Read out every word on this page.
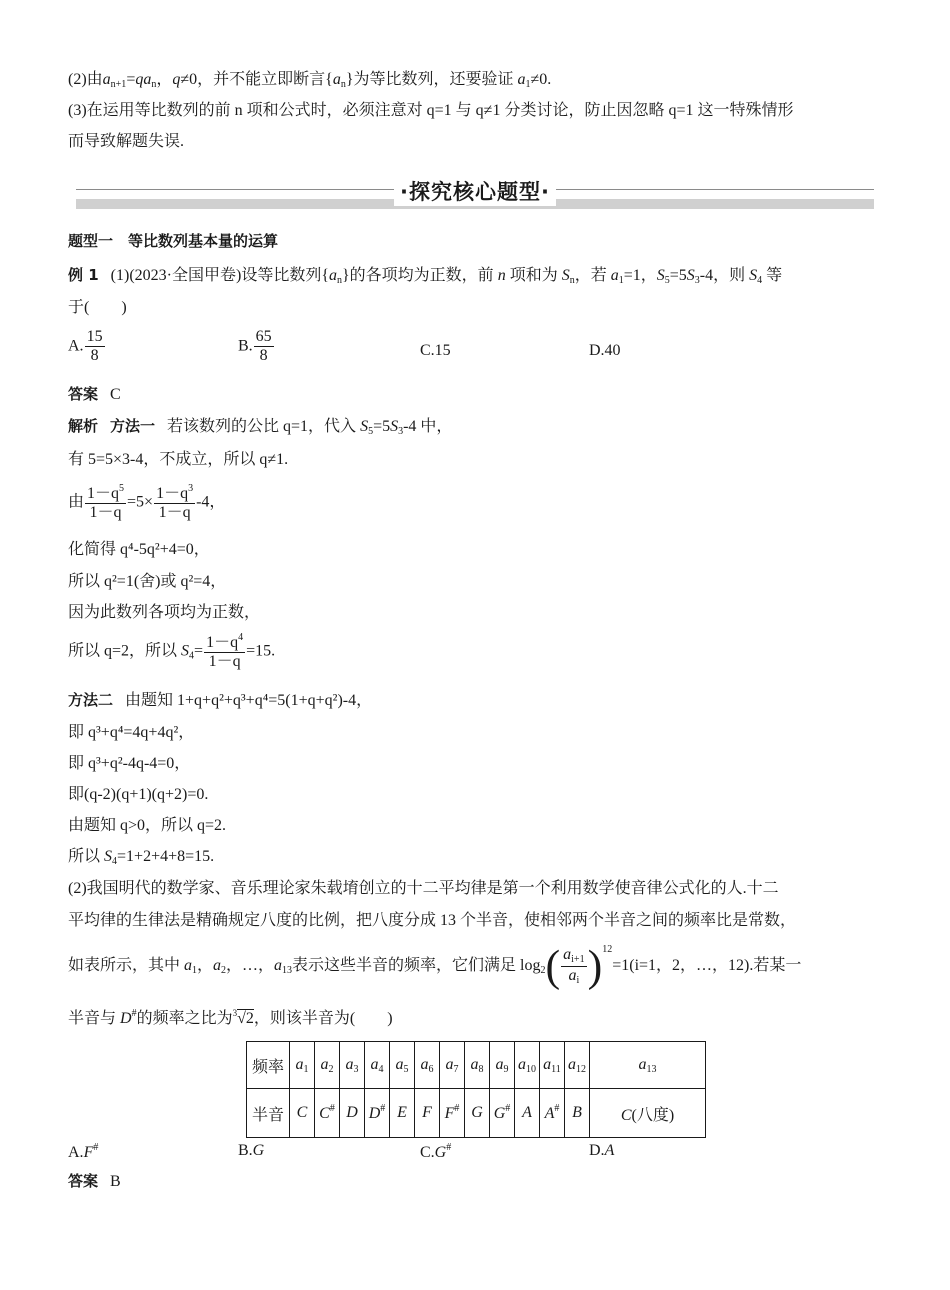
(2)由$a_{n+1}=qa_n$，q≠0，并不能立即断言$\{a_n\}$为等比数列，还要验证 $a_1\ne 0$.
(3)在运用等比数列的前 n 项和公式时，必须注意对 q=1 与 q≠1 分类讨论，防止因忽略 q=1 这一特殊情形
而导致解题失误.
· 探究核心题型 ·
题型一　等比数列基本量的运算
例 1 (1)(2023·全国甲卷)设等比数列$\{a_n\}$的各项均为正数，前 n 项和为 $S_n$，若 $a_1=1$，$S_5=5S_3-4$，则 $S_4$ 等
于(　　)
A. $\frac{15}{8}$	B. $\frac{65}{8}$	C.15	D.40
答案 C
解析 方法一 若该数列的公比 q=1，代入 $S_5=5S_3-4$ 中，
有 5=5×3-4，不成立，所以 q≠1.
由 $\frac{1-q^5}{1-q} =5\times \frac{1-q^3}{1-q} -4$，
化简得 q⁴-5q²+4=0，
所以 q²=1(舍)或 q²=4，
因为此数列各项均为正数，
所以 q=2，所以 $S_4= \frac{1-q^4}{1-q} =15$.
方法二 由题知 1+q+q²+q³+q⁴=5(1+q+q²)-4，
即 q³+q⁴=4q+4q²，
即 q³+q²-4q-4=0，
即(q-2)(q+1)(q+2)=0.
由题知 q>0，所以 q=2.
所以 $S_4=1+2+4+8=15$.
(2)我国明代的数学家、音乐理论家朱载堉创立的十二平均律是第一个利用数学使音律公式化的人.十二
平均律的生律法是精确规定八度的比例，把八度分成 13 个半音，使相邻两个半音之间的频率比是常数，
如表所示，其中 $a_1$，$a_2$，…，$a_{13}$表示这些半音的频率，它们满足 $\log_2( \frac{a_{i+1}}{a_i} )^{12}=1(i=1$，2，…，12).若某一
半音与 D#的频率之比为$^3$√2，则该半音为(　　)
频率	$a_1$	$a_2$	$a_3$	$a_4$	$a_5$	$a_6$	$a_7$	$a_8$	$a_9$	$a_{10}$	$a_{11}$	$a_{12}$	$a_{13}$
半音	C	C#	D	D#	E	F	F#	G	G#	A	A#	B	C(八度)
A.F#	B.G	C.G#	D.A
答案 B
